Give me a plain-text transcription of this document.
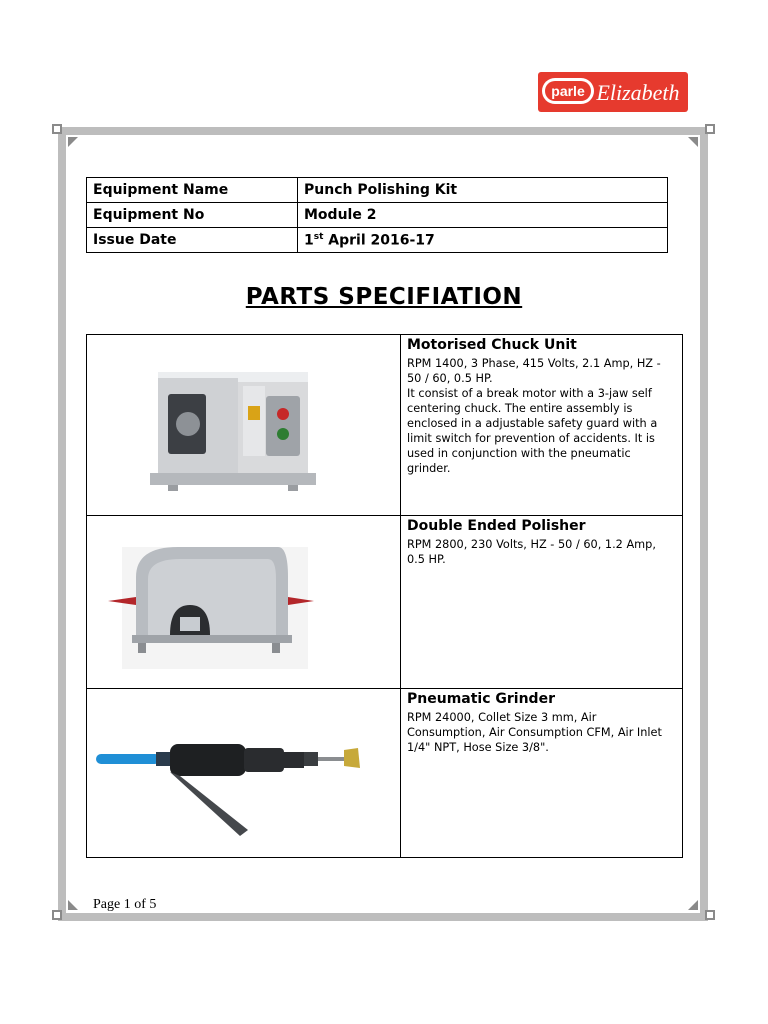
parle Elizabeth
Equipment Name	Punch Polishing Kit
Equipment No	Module 2
Issue Date	1st April 2016-17
PARTS SPECIFIATION

Motorised Chuck Unit

RPM 1400, 3 Phase, 415 Volts, 2.1 Amp, HZ - 50 / 60, 0.5 HP.

It consist of a break motor with a 3-jaw self centering chuck. The entire assembly is enclosed in a adjustable safety guard with a limit switch for prevention of accidents. It is used in conjunction with the pneumatic grinder.

Double Ended Polisher

RPM 2800, 230 Volts, HZ - 50 / 60, 1.2 Amp, 0.5 HP.

Pneumatic Grinder

RPM 24000, Collet Size 3 mm, Air Consumption, Air Consumption CFM, Air Inlet 1/4" NPT, Hose Size 3/8".

Page 1 of 5
